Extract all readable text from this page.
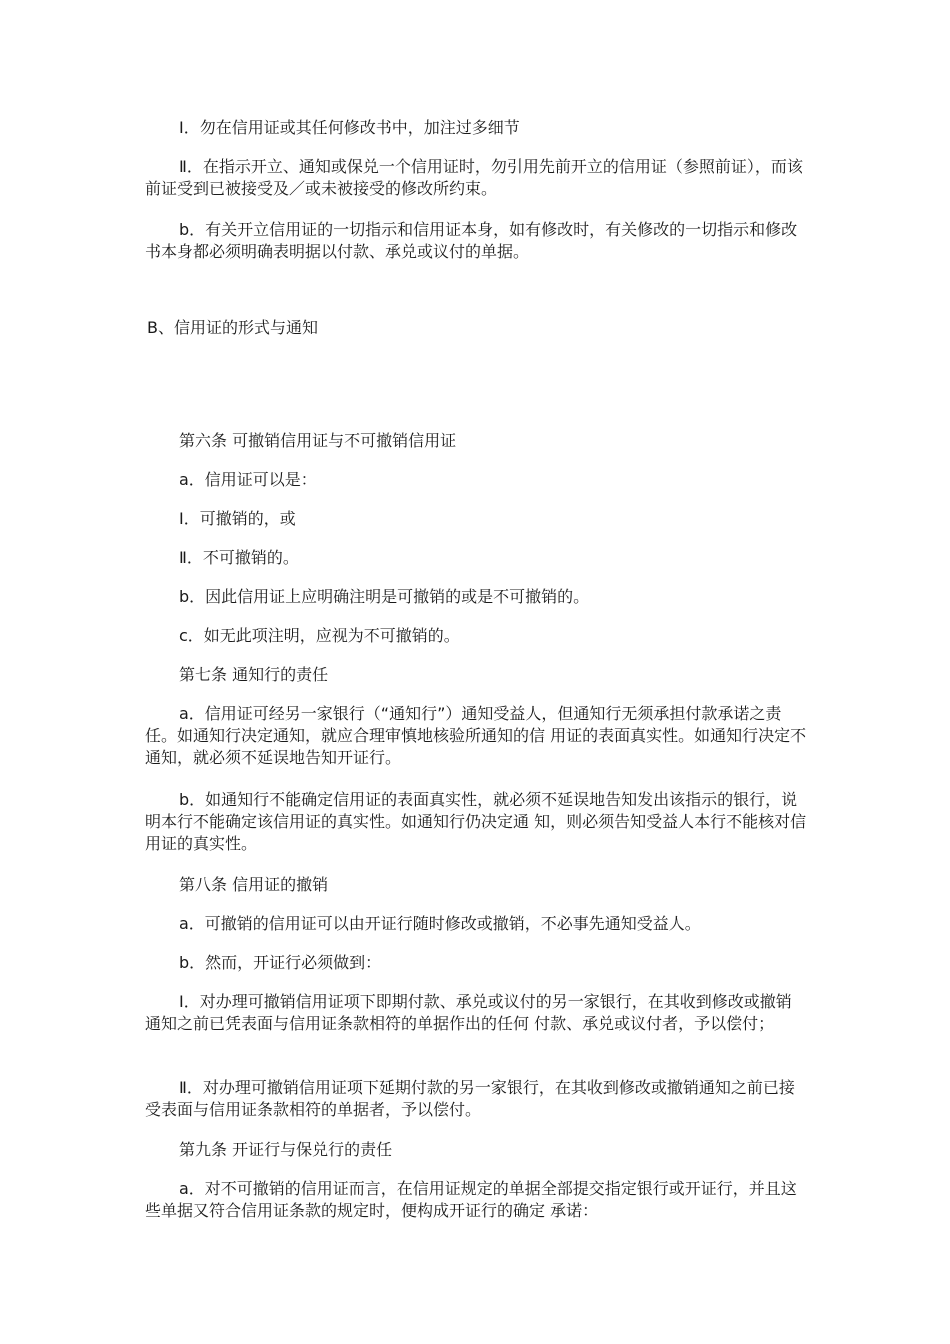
Ⅰ．勿在信用证或其任何修改书中，加注过多细节

Ⅱ．在指示开立、通知或保兑一个信用证时，勿引用先前开立的信用证（参照前证），而该前证受到已被接受及／或未被接受的修改所约束。

b．有关开立信用证的一切指示和信用证本身，如有修改时，有关修改的一切指示和修改书本身都必须明确表明据以付款、承兑或议付的单据。

B、信用证的形式与通知

第六条 可撤销信用证与不可撤销信用证

a．信用证可以是：

Ⅰ．可撤销的，或

Ⅱ．不可撤销的。

b．因此信用证上应明确注明是可撤销的或是不可撤销的。

c．如无此项注明，应视为不可撤销的。

第七条 通知行的责任

a．信用证可经另一家银行（“通知行”）通知受益人，但通知行无须承担付款承诺之责任。如通知行决定通知，就应合理审慎地核验所通知的信 用证的表面真实性。如通知行决定不通知，就必须不延误地告知开证行。

b．如通知行不能确定信用证的表面真实性，就必须不延误地告知发出该指示的银行，说明本行不能确定该信用证的真实性。如通知行仍决定通 知，则必须告知受益人本行不能核对信用证的真实性。

第八条 信用证的撤销

a．可撤销的信用证可以由开证行随时修改或撤销，不必事先通知受益人。

b．然而，开证行必须做到：

Ⅰ．对办理可撤销信用证项下即期付款、承兑或议付的另一家银行，在其收到修改或撤销通知之前已凭表面与信用证条款相符的单据作出的任何 付款、承兑或议付者，予以偿付；

Ⅱ．对办理可撤销信用证项下延期付款的另一家银行，在其收到修改或撤销通知之前已接受表面与信用证条款相符的单据者，予以偿付。

第九条 开证行与保兑行的责任

a．对不可撤销的信用证而言，在信用证规定的单据全部提交指定银行或开证行，并且这些单据又符合信用证条款的规定时，便构成开证行的确定 承诺：
